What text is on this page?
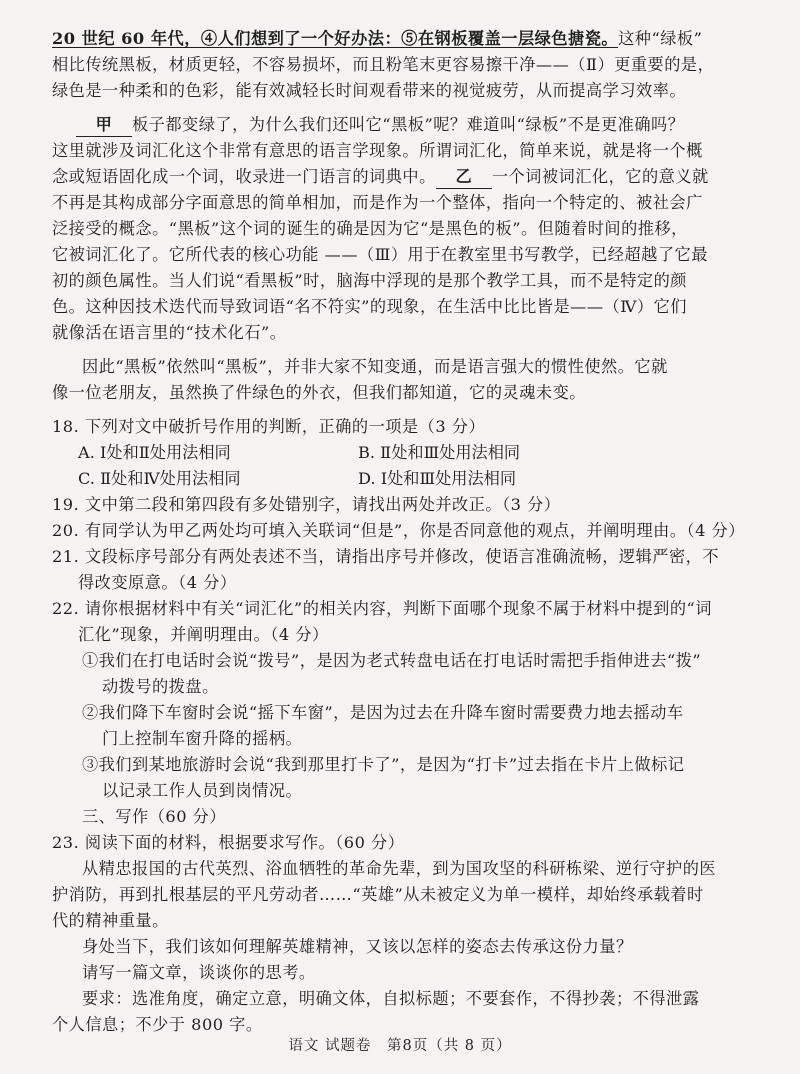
20 世纪 60 年代，④人们想到了一个好办法：⑤在钢板覆盖一层绿色搪瓷。这种“绿板”
相比传统黑板，材质更轻，不容易损坏，而且粉笔末更容易擦干净——（Ⅱ）更重要的是，
绿色是一种柔和的色彩，能有效减轻长时间观看带来的视觉疲劳，从而提高学习效率。
甲 板子都变绿了，为什么我们还叫它“黑板”呢？难道叫“绿板”不是更准确吗？
这里就涉及词汇化这个非常有意思的语言学现象。所谓词汇化，简单来说，就是将一个概
念或短语固化成一个词，收录进一门语言的词典中。 乙 一个词被词汇化，它的意义就
不再是其构成部分字面意思的简单相加，而是作为一个整体，指向一个特定的、被社会广
泛接受的概念。“黑板”这个词的诞生的确是因为它“是黑色的板”。但随着时间的推移，
它被词汇化了。它所代表的核心功能 ——（Ⅲ）用于在教室里书写教学，已经超越了它最
初的颜色属性。当人们说“看黑板”时，脑海中浮现的是那个教学工具，而不是特定的颜
色。这种因技术迭代而导致词语“名不符实”的现象，在生活中比比皆是——（Ⅳ）它们
就像活在语言里的“技术化石”。
因此“黑板”依然叫“黑板”，并非大家不知变通，而是语言强大的惯性使然。它就
像一位老朋友，虽然换了件绿色的外衣，但我们都知道，它的灵魂未变。
18. 下列对文中破折号作用的判断，正确的一项是（3 分）
A. Ⅰ处和Ⅱ处用法相同	B. Ⅱ处和Ⅲ处用法相同
C. Ⅱ处和Ⅳ处用法相同	D. Ⅰ处和Ⅲ处用法相同
19. 文中第二段和第四段有多处错别字，请找出两处并改正。（3 分）
20. 有同学认为甲乙两处均可填入关联词“但是”，你是否同意他的观点，并阐明理由。（4 分）
21. 文段标序号部分有两处表述不当，请指出序号并修改，使语言准确流畅，逻辑严密，不
得改变原意。（4 分）
22. 请你根据材料中有关“词汇化”的相关内容，判断下面哪个现象不属于材料中提到的“词
汇化”现象，并阐明理由。（4 分）
①我们在打电话时会说“拨号”，是因为老式转盘电话在打电话时需把手指伸进去“拨”
动拨号的拨盘。
②我们降下车窗时会说“摇下车窗”，是因为过去在升降车窗时需要费力地去摇动车
门上控制车窗升降的摇柄。
③我们到某地旅游时会说“我到那里打卡了”，是因为“打卡”过去指在卡片上做标记
以记录工作人员到岗情况。
三、写作（60 分）
23. 阅读下面的材料，根据要求写作。（60 分）
从精忠报国的古代英烈、浴血牺牲的革命先辈，到为国攻坚的科研栋梁、逆行守护的医
护消防，再到扎根基层的平凡劳动者……“英雄”从未被定义为单一模样，却始终承载着时
代的精神重量。
身处当下，我们该如何理解英雄精神，又该以怎样的姿态去传承这份力量？
请写一篇文章，谈谈你的思考。
要求：选准角度，确定立意，明确文体，自拟标题；不要套作，不得抄袭；不得泄露
个人信息；不少于 800 字。
语文 试题卷　第8页（共 8 页）
